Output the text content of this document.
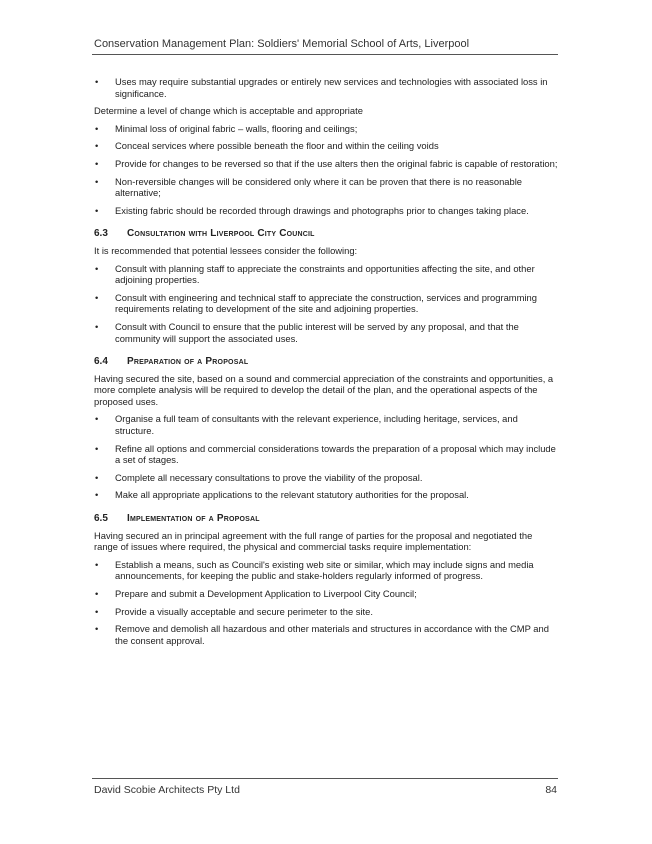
Conservation Management Plan: Soldiers' Memorial School of Arts, Liverpool
• Uses may require substantial upgrades or entirely new services and technologies with associated loss in significance.

Determine a level of change which is acceptable and appropriate

• Minimal loss of original fabric – walls, flooring and ceilings;
• Conceal services where possible beneath the floor and within the ceiling voids
• Provide for changes to be reversed so that if the use alters then the original fabric is capable of restoration;
• Non-reversible changes will be considered only where it can be proven that there is no reasonable alternative;
• Existing fabric should be recorded through drawings and photographs prior to changes taking place.
6.3 Consultation with Liverpool City Council

It is recommended that potential lessees consider the following:

• Consult with planning staff to appreciate the constraints and opportunities affecting the site, and other adjoining properties.
• Consult with engineering and technical staff to appreciate the construction, services and programming requirements relating to development of the site and adjoining properties.
• Consult with Council to ensure that the public interest will be served by any proposal, and that the community will support the associated uses.
6.4 Preparation of a Proposal

Having secured the site, based on a sound and commercial appreciation of the constraints and opportunities, a more complete analysis will be required to develop the detail of the plan, and the operational aspects of the proposed uses.

• Organise a full team of consultants with the relevant experience, including heritage, services, and structure.
• Refine all options and commercial considerations towards the preparation of a proposal which may include a set of stages.
• Complete all necessary consultations to prove the viability of the proposal.
• Make all appropriate applications to the relevant statutory authorities for the proposal.
6.5 Implementation of a Proposal

Having secured an in principal agreement with the full range of parties for the proposal and negotiated the range of issues where required, the physical and commercial tasks require implementation:

• Establish a means, such as Council's existing web site or similar, which may include signs and media announcements, for keeping the public and stake-holders regularly informed of progress.
• Prepare and submit a Development Application to Liverpool City Council;
• Provide a visually acceptable and secure perimeter to the site.
• Remove and demolish all hazardous and other materials and structures in accordance with the CMP and the consent approval.
David Scobie Architects Pty Ltd	84
